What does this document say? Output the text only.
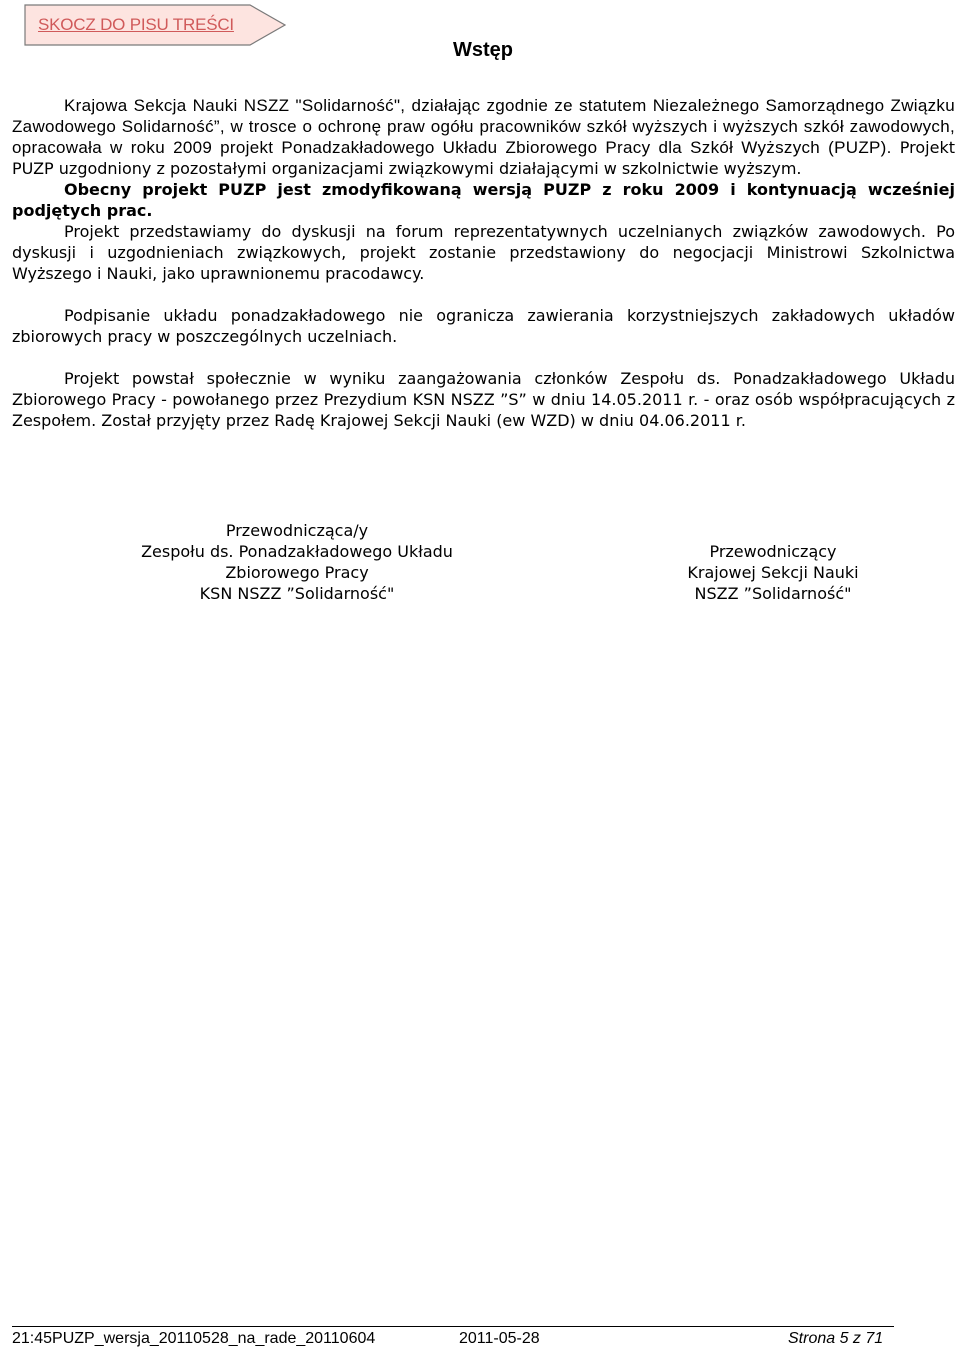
SKOCZ DO PISU TREŚCI
Wstęp

Krajowa Sekcja Nauki NSZZ "Solidarność", działając zgodnie ze statutem Niezależnego Samorządnego Związku Zawodowego Solidarność”, w trosce o ochronę praw ogółu pracowników szkół wyższych i wyższych szkół zawodowych, opracowała w roku 2009 projekt Ponadzakładowego Układu Zbiorowego Pracy dla Szkół Wyższych (PUZP). Projekt PUZP uzgodniony z pozostałymi organizacjami związkowymi działającymi w szkolnictwie wyższym.

Obecny projekt PUZP jest zmodyfikowaną wersją PUZP z roku 2009 i kontynuacją wcześniej podjętych prac.

Projekt przedstawiamy do dyskusji na forum reprezentatywnych uczelnianych związków zawodowych. Po dyskusji i uzgodnieniach związkowych, projekt zostanie przedstawiony do negocjacji Ministrowi Szkolnictwa Wyższego i Nauki, jako uprawnionemu pracodawcy.

Podpisanie układu ponadzakładowego nie ogranicza zawierania korzystniejszych zakładowych układów zbiorowych pracy w poszczególnych uczelniach.

Projekt powstał społecznie w wyniku zaangażowania członków Zespołu ds. Ponadzakładowego Układu Zbiorowego Pracy - powołanego przez Prezydium KSN NSZZ ”S” w dniu 14.05.2011 r. - oraz osób współpracujących z Zespołem. Został przyjęty przez Radę Krajowej Sekcji Nauki (ew WZD) w dniu 04.06.2011 r.

Przewodnicząca/y
Zespołu ds. Ponadzakładowego Układu
Zbiorowego Pracy
KSN NSZZ ”Solidarność"
Przewodniczący
Krajowej Sekcji Nauki
NSZZ ”Solidarność"
21:45PUZP_wersja_20110528_na_rade_20110604	2011-05-28	Strona 5 z 71
